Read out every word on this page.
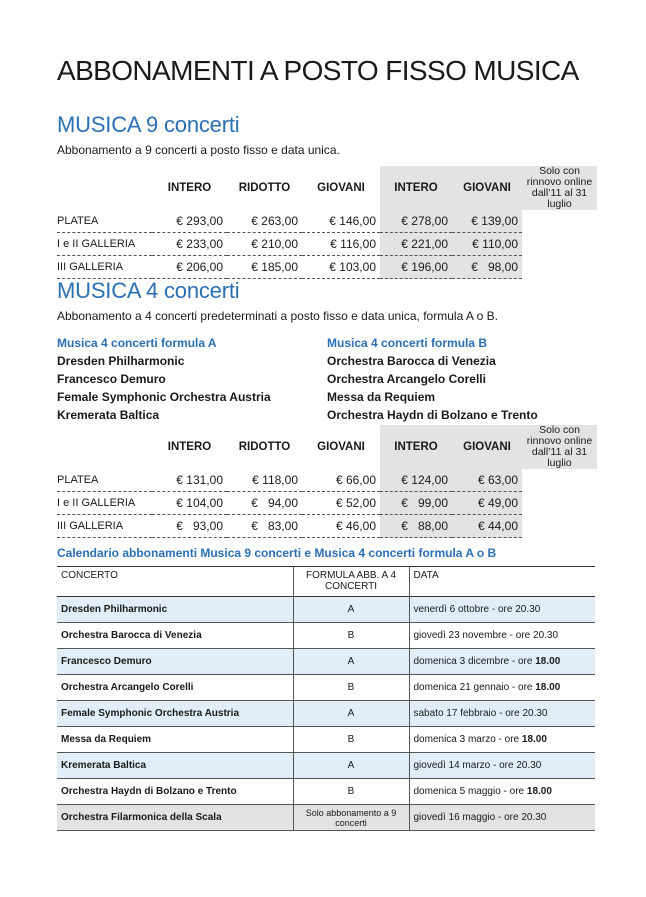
ABBONAMENTI A POSTO FISSO MUSICA
MUSICA 9 concerti
Abbonamento a 9 concerti a posto fisso e data unica.
	INTERO	RIDOTTO	GIOVANI	INTERO	GIOVANI	Solo con rinnovo online dall’11 al 31 luglio
PLATEA	€ 293,00	€ 263,00	€ 146,00	€ 278,00	€ 139,00	
I e II GALLERIA	€ 233,00	€ 210,00	€ 116,00	€ 221,00	€ 110,00	
III GALLERIA	€ 206,00	€ 185,00	€ 103,00	€ 196,00	€   98,00	
MUSICA 4 concerti
Abbonamento a 4 concerti predeterminati a posto fisso e data unica, formula A o B.
Musica 4 concerti formula A
Dresden Philharmonic
Francesco Demuro
Female Symphonic Orchestra Austria
Kremerata Baltica
Musica 4 concerti formula B
Orchestra Barocca di Venezia
Orchestra Arcangelo Corelli
Messa da Requiem
Orchestra Haydn di Bolzano e Trento
	INTERO	RIDOTTO	GIOVANI	INTERO	GIOVANI	Solo con rinnovo online dall’11 al 31 luglio
PLATEA	€ 131,00	€ 118,00	€ 66,00	€ 124,00	€ 63,00	
I e II GALLERIA	€ 104,00	€   94,00	€ 52,00	€   99,00	€ 49,00	
III GALLERIA	€   93,00	€   83,00	€ 46,00	€   88,00	€ 44,00	
Calendario abbonamenti Musica 9 concerti e Musica 4 concerti formula A o B
CONCERTO	FORMULA ABB. A 4 CONCERTI	DATA
Dresden Philharmonic	A	venerdì 6 ottobre - ore 20.30
Orchestra Barocca di Venezia	B	giovedì 23 novembre - ore 20.30
Francesco Demuro	A	domenica 3 dicembre - ore 18.00
Orchestra Arcangelo Corelli	B	domenica 21 gennaio - ore 18.00
Female Symphonic Orchestra Austria	A	sabato 17 febbraio - ore 20.30
Messa da Requiem	B	domenica 3 marzo - ore 18.00
Kremerata Baltica	A	giovedì 14 marzo - ore 20.30
Orchestra Haydn di Bolzano e Trento	B	domenica 5 maggio - ore 18.00
Orchestra Filarmonica della Scala	Solo abbonamento a 9 concerti	giovedì 16 maggio - ore 20.30
